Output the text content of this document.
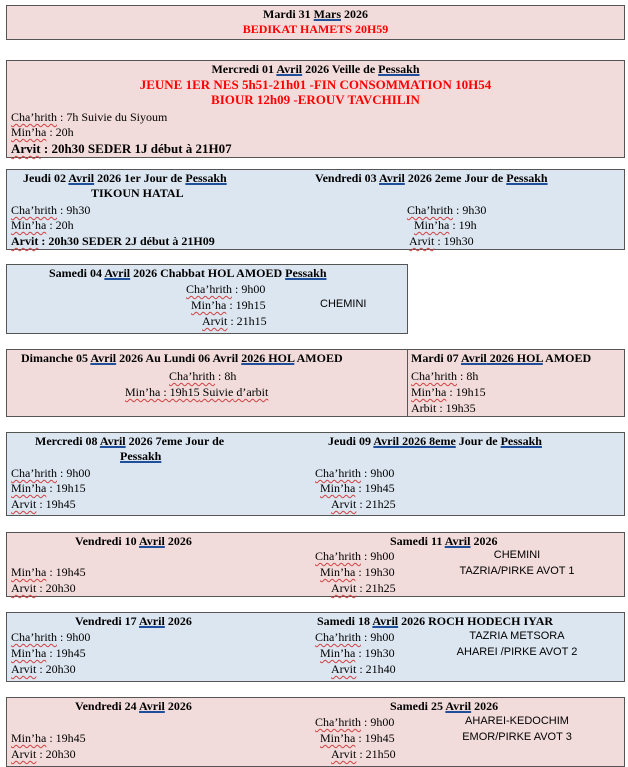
Mardi 31 Mars 2026
BEDIKAT HAMETS 20H59
Mercredi 01 Avril 2026 Veille de Pessakh
JEUNE 1ER NES 5h51-21h01 -FIN CONSOMMATION 10H54
BIOUR 12h09 -EROUV TAVCHILIN
Cha’hrith : 7h Suivie du Siyoum
Min’ha : 20h
Arvit : 20h30 SEDER 1J début à 21H07
Jeudi 02 Avril 2026 1er Jour de Pessakh
TIKOUN HATAL
Cha’hrith : 9h30
Min’ha : 20h
Arvit : 20h30 SEDER 2J début à 21H09
Vendredi 03 Avril 2026 2eme Jour de Pessakh
Cha’hrith : 9h30
Min’ha : 19h
Arvit : 19h30
Samedi 04 Avril 2026 Chabbat HOL AMOED Pessakh
Cha’hrith : 9h00
Min’ha : 19h15
Arvit : 21h15
CHEMINI
Dimanche 05 Avril 2026 Au Lundi 06 Avril 2026 HOL AMOED
Cha’hrith : 8h
Min’ha : 19h15 Suivie d’arbit
Mardi 07 Avril 2026 HOL AMOED
Cha’hrith : 8h
Min’ha : 19h15
Arbit : 19h35
Mercredi 08 Avril 2026 7eme Jour de
Pessakh
Cha’hrith : 9h00
Min’ha : 19h15
Arvit : 19h45
Jeudi 09 Avril 2026 8eme Jour de Pessakh
Cha’hrith : 9h00
Min’ha : 19h45
Arvit : 21h25
Vendredi 10 Avril 2026
Min’ha : 19h45
Arvit : 20h30
Samedi 11 Avril 2026
Cha’hrith : 9h00
Min’ha : 19h30
Arvit : 21h25
CHEMINI
TAZRIA/PIRKE AVOT 1
Vendredi 17 Avril 2026
Cha’hrith : 9h00
Min’ha : 19h45
Arvit : 20h30
Samedi 18 Avril 2026 ROCH HODECH IYAR
Cha’hrith : 9h00
Min’ha : 19h30
Arvit : 21h40
TAZRIA METSORA
AHAREI /PIRKE AVOT 2
Vendredi 24 Avril 2026
Min’ha : 19h45
Arvit : 20h30
Samedi 25 Avril 2026
Cha’hrith : 9h00
Min’ha : 19h45
Arvit : 21h50
AHAREI-KEDOCHIM
EMOR/PIRKE AVOT 3
